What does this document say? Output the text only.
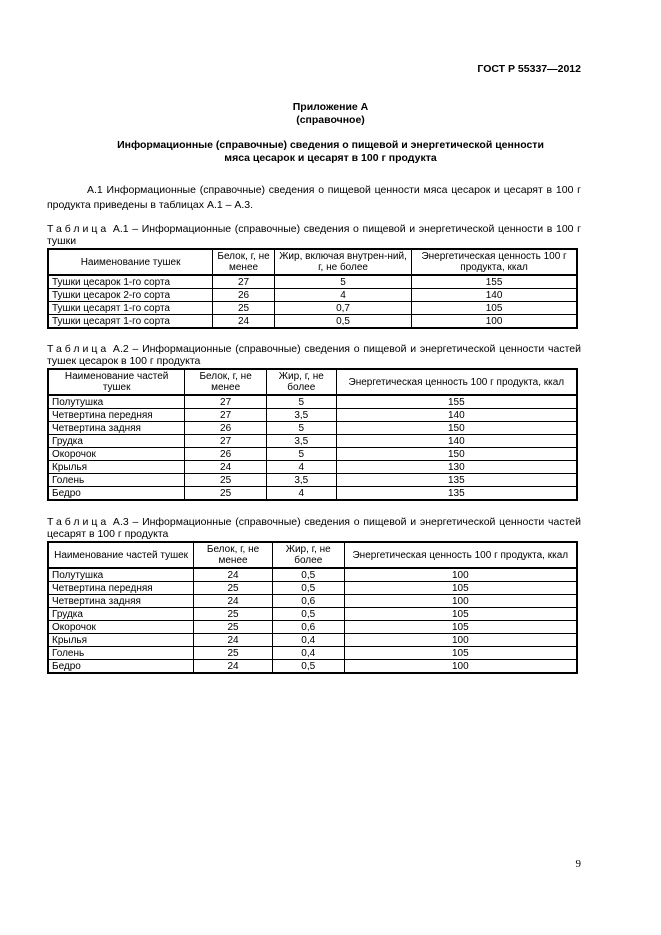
ГОСТ Р 55337—2012
Приложение А
(справочное)
Информационные (справочные) сведения о пищевой и энергетической ценности
мяса цесарок и цесарят в 100 г продукта
А.1 Информационные (справочные) сведения о пищевой ценности мяса цесарок и цесарят в 100 г продукта приведены в таблицах А.1 – А.3.
Таблица А.1 – Информационные (справочные) сведения о пищевой и энергетической ценности в 100 г тушки
Наименование тушек	Белок, г, не менее	Жир, включая внутрен-ний, г, не более	Энергетическая ценность 100 г продукта, ккал
Тушки цесарок 1-го сорта	27	5	155
Тушки цесарок 2-го сорта	26	4	140
Тушки цесарят 1-го сорта	25	0,7	105
Тушки цесарят 1-го сорта	24	0,5	100
Таблица А.2 – Информационные (справочные) сведения о пищевой и энергетической ценности частей тушек цесарок в 100 г продукта
Наименование частей тушек	Белок, г, не менее	Жир, г, не более	Энергетическая ценность 100 г продукта, ккал
Полутушка	27	5	155
Четвертина передняя	27	3,5	140
Четвертина задняя	26	5	150
Грудка	27	3,5	140
Окорочок	26	5	150
Крылья	24	4	130
Голень	25	3,5	135
Бедро	25	4	135
Таблица А.3 – Информационные (справочные) сведения о пищевой и энергетической ценности частей цесарят в 100 г продукта
Наименование частей тушек	Белок, г, не менее	Жир, г, не более	Энергетическая ценность 100 г продукта, ккал
Полутушка	24	0,5	100
Четвертина передняя	25	0,5	105
Четвертина задняя	24	0,6	100
Грудка	25	0,5	105
Окорочок	25	0,6	105
Крылья	24	0,4	100
Голень	25	0,4	105
Бедро	24	0,5	100
9
